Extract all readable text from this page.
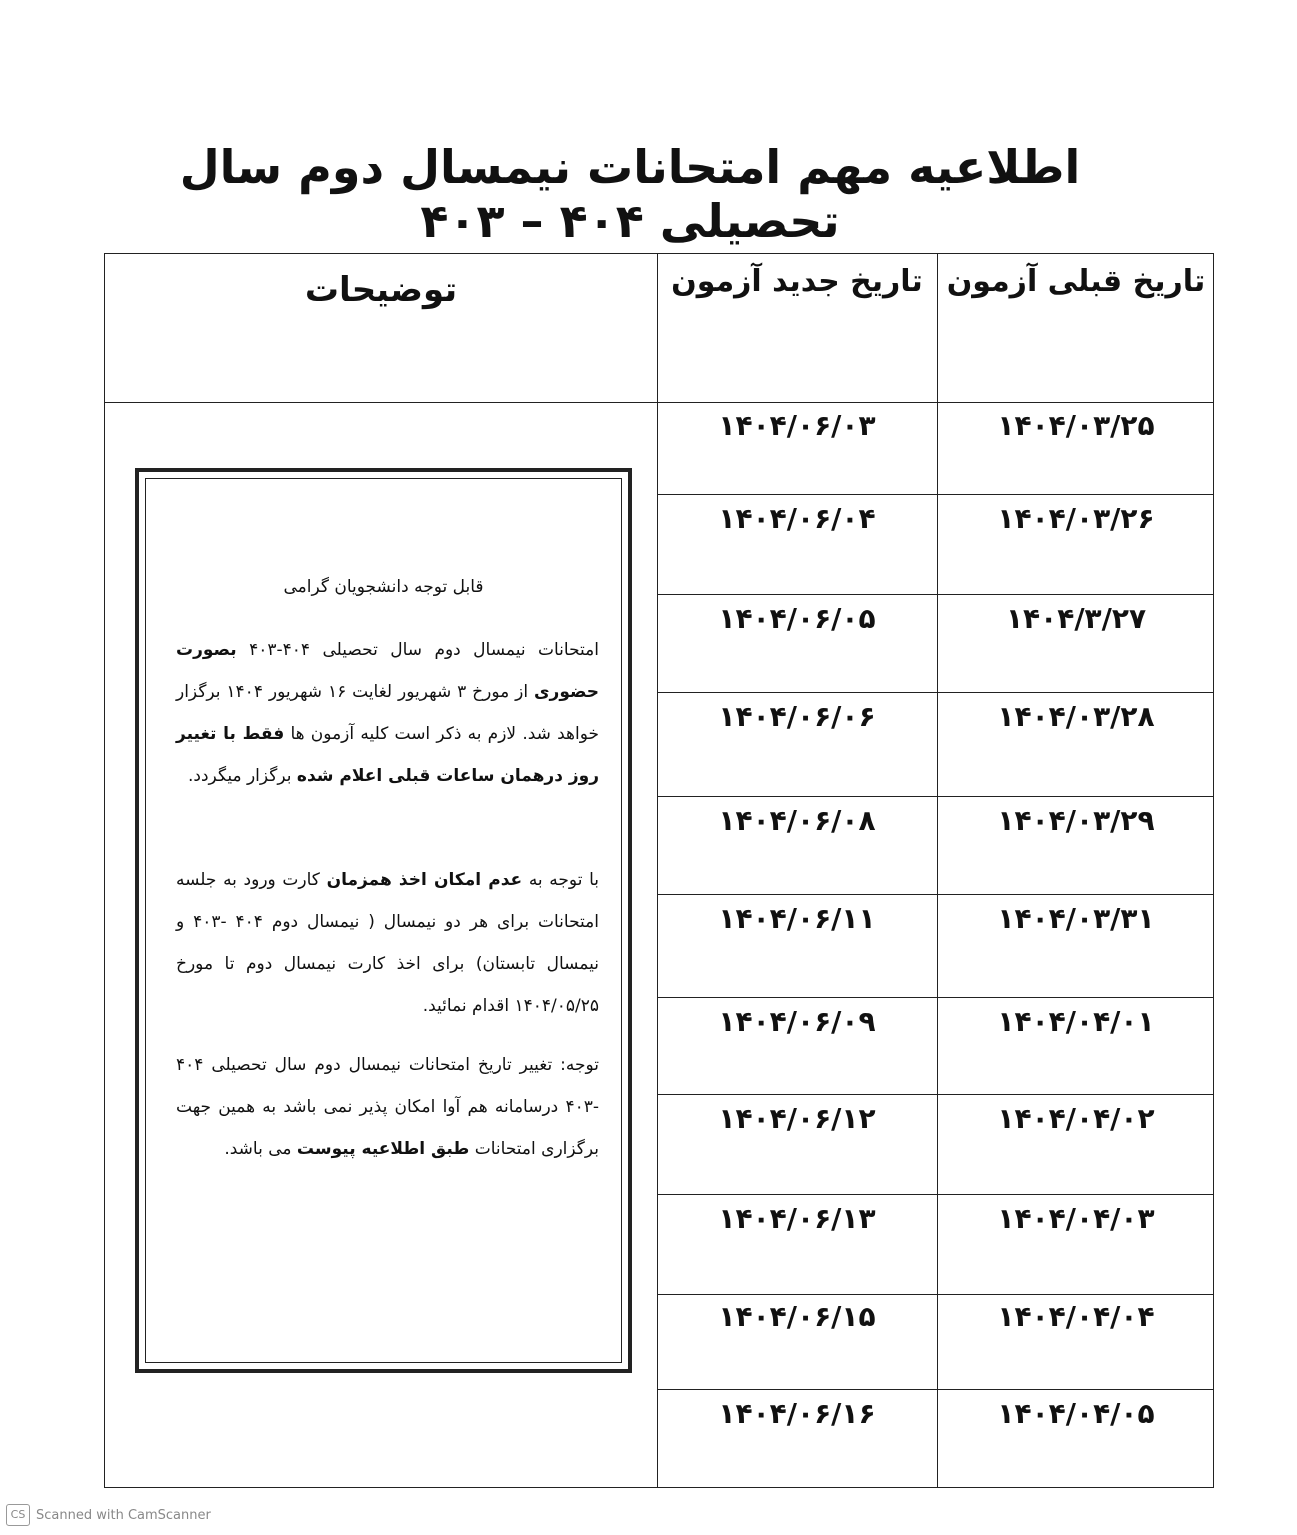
اطلاعیه مهم امتحانات نیمسال دوم سال تحصیلی ۴۰۴ – ۴۰۳
تاریخ قبلی آزمون
تاریخ جدید آزمون
توضیحات
۱۴۰۴/۰۳/۲۵
۱۴۰۴/۰۶/۰۳
۱۴۰۴/۰۳/۲۶
۱۴۰۴/۰۶/۰۴
۱۴۰۴/۳/۲۷
۱۴۰۴/۰۶/۰۵
۱۴۰۴/۰۳/۲۸
۱۴۰۴/۰۶/۰۶
۱۴۰۴/۰۳/۲۹
۱۴۰۴/۰۶/۰۸
۱۴۰۴/۰۳/۳۱
۱۴۰۴/۰۶/۱۱
۱۴۰۴/۰۴/۰۱
۱۴۰۴/۰۶/۰۹
۱۴۰۴/۰۴/۰۲
۱۴۰۴/۰۶/۱۲
۱۴۰۴/۰۴/۰۳
۱۴۰۴/۰۶/۱۳
۱۴۰۴/۰۴/۰۴
۱۴۰۴/۰۶/۱۵
۱۴۰۴/۰۴/۰۵
۱۴۰۴/۰۶/۱۶
قابل توجه دانشجویان گرامی
امتحانات نیمسال دوم سال تحصیلی ۴۰۴-۴۰۳ بصورت حضوری از مورخ ۳ شهریور لغایت ۱۶ شهریور ۱۴۰۴ برگزار خواهد شد. لازم به ذکر است کلیه آزمون ها فقط با تغییر روز درهمان ساعات قبلی اعلام شده برگزار میگردد.
با توجه به عدم امکان اخذ همزمان کارت ورود به جلسه امتحانات برای هر دو نیمسال ( نیمسال دوم ۴۰۴ -۴۰۳ و نیمسال تابستان) برای اخذ کارت نیمسال دوم تا مورخ ۱۴۰۴/۰۵/۲۵ اقدام نمائید.
توجه: تغییر تاریخ امتحانات نیمسال دوم سال تحصیلی ۴۰۴ -۴۰۳ درسامانه هم آوا امکان پذیر نمی باشد به همین جهت برگزاری امتحانات طبق اطلاعیه پیوست می باشد.
CS Scanned with CamScanner
